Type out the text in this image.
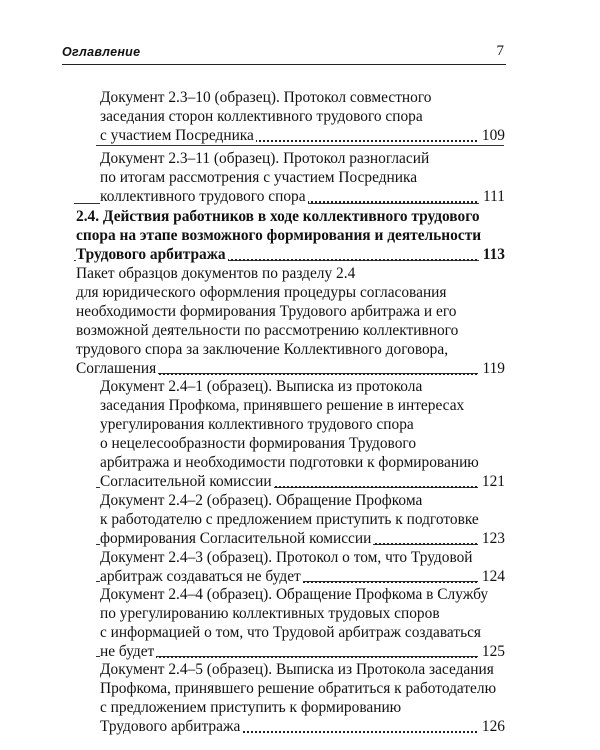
Оглавление	7
Документ 2.3–10 (образец). Протокол совместного
заседания сторон коллективного трудового спора
с участием Посредника	109
Документ 2.3–11 (образец). Протокол разногласий
по итогам рассмотрения с участием Посредника
коллективного трудового спора	111
2.4. Действия работников в ходе коллективного трудового
спора на этапе возможного формирования и деятельности
Трудового арбитража	113
Пакет образцов документов по разделу 2.4
для юридического оформления процедуры согласования
необходимости формирования Трудового арбитража и его
возможной деятельности по рассмотрению коллективного
трудового спора за заключение Коллективного договора,
Соглашения	119
Документ 2.4–1 (образец). Выписка из протокола
заседания Профкома, принявшего решение в интересах
урегулирования коллективного трудового спора
о нецелесообразности формирования Трудового
арбитража и необходимости подготовки к формированию
Согласительной комиссии	121
Документ 2.4–2 (образец). Обращение Профкома
к работодателю с предложением приступить к подготовке
формирования Согласительной комиссии	123
Документ 2.4–3 (образец). Протокол о том, что Трудовой
арбитраж создаваться не будет	124
Документ 2.4–4 (образец). Обращение Профкома в Службу
по урегулированию коллективных трудовых споров
с информацией о том, что Трудовой арбитраж создаваться
не будет	125
Документ 2.4–5 (образец). Выписка из Протокола заседания
Профкома, принявшего решение обратиться к работодателю
с предложением приступить к формированию
Трудового арбитража	126
